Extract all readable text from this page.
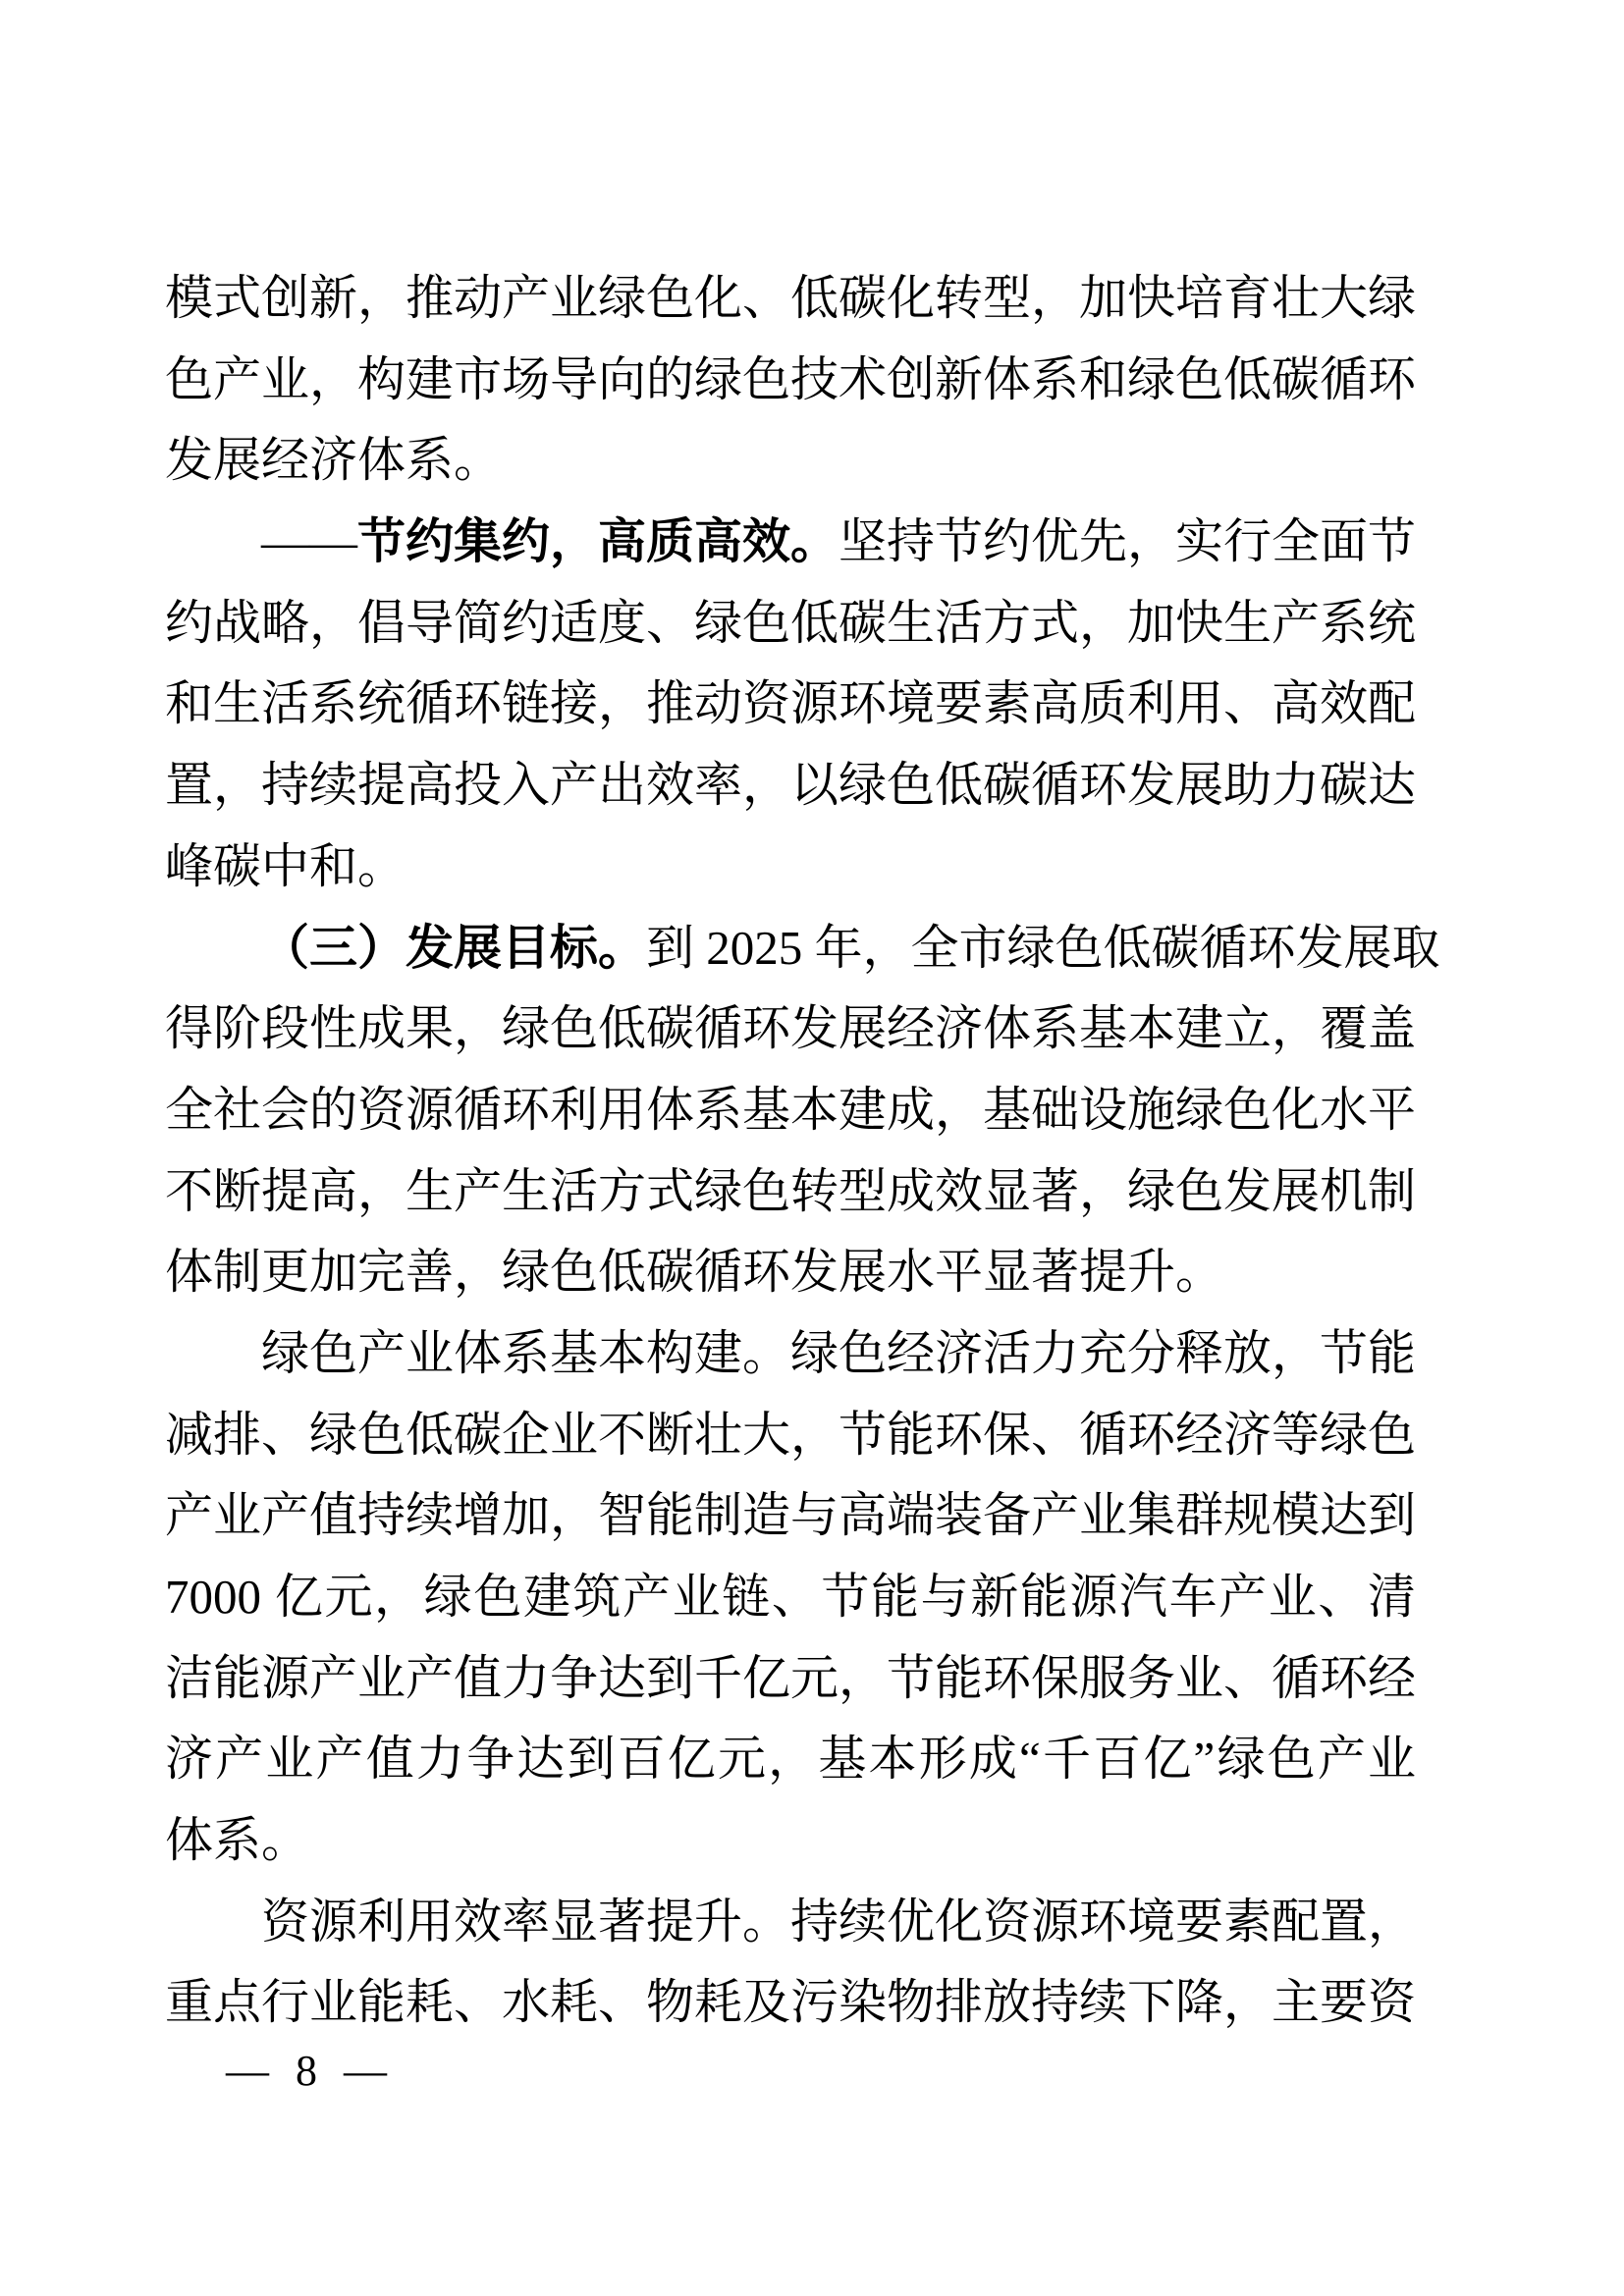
模式创新，推动产业绿色化、低碳化转型，加快培育壮大绿
色产业，构建市场导向的绿色技术创新体系和绿色低碳循环
发展经济体系。
——节约集约，高质高效。坚持节约优先，实行全面节
约战略，倡导简约适度、绿色低碳生活方式，加快生产系统
和生活系统循环链接，推动资源环境要素高质利用、高效配
置，持续提高投入产出效率，以绿色低碳循环发展助力碳达
峰碳中和。
（三）发展目标。到 2025 年，全市绿色低碳循环发展取
得阶段性成果，绿色低碳循环发展经济体系基本建立，覆盖
全社会的资源循环利用体系基本建成，基础设施绿色化水平
不断提高，生产生活方式绿色转型成效显著，绿色发展机制
体制更加完善，绿色低碳循环发展水平显著提升。
绿色产业体系基本构建。绿色经济活力充分释放，节能
减排、绿色低碳企业不断壮大，节能环保、循环经济等绿色
产业产值持续增加，智能制造与高端装备产业集群规模达到
7000 亿元，绿色建筑产业链、节能与新能源汽车产业、清
洁能源产业产值力争达到千亿元，节能环保服务业、循环经
济产业产值力争达到百亿元，基本形成“千百亿”绿色产业
体系。
资源利用效率显著提升。持续优化资源环境要素配置，
重点行业能耗、水耗、物耗及污染物排放持续下降，主要资
— 8 —
